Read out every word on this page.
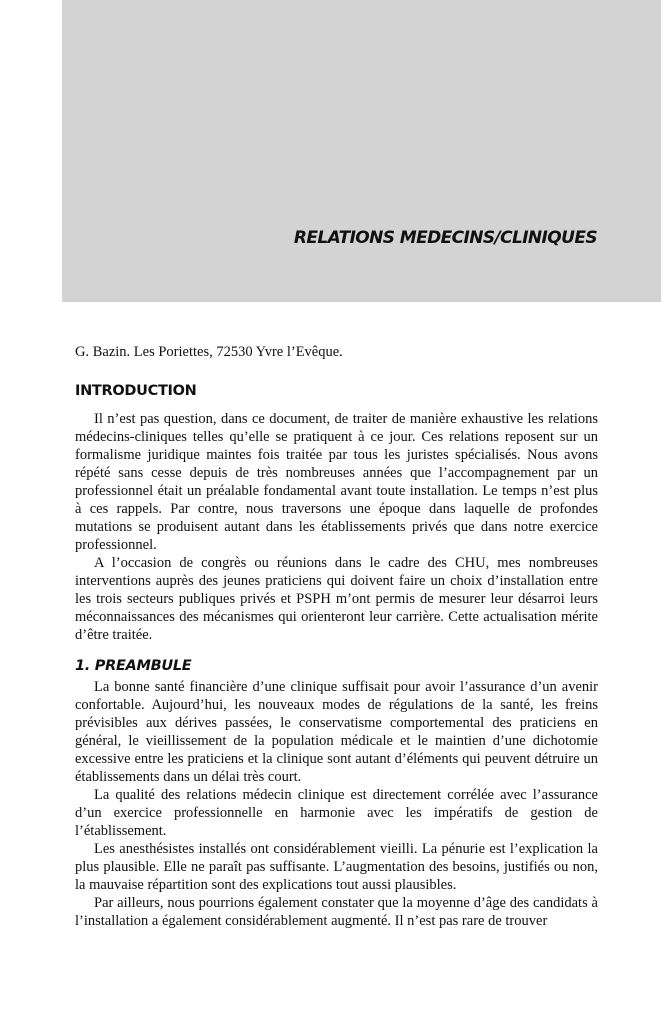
RELATIONS MEDECINS/CLINIQUES

G. Bazin. Les Poriettes, 72530 Yvre l’Evêque.

INTRODUCTION

Il n’est pas question, dans ce document, de traiter de manière exhaustive les relations médecins-cliniques telles qu’elle se pratiquent à ce jour. Ces relations reposent sur un formalisme juridique maintes fois traitée par tous les juristes spécialisés. Nous avons répété sans cesse depuis de très nombreuses années que l’accompagnement par un professionnel était un préalable fondamental avant toute installation. Le temps n’est plus à ces rappels. Par contre, nous traversons une époque dans laquelle de profondes mutations se produisent autant dans les établissements privés que dans notre exercice professionnel.

A l’occasion de congrès ou réunions dans le cadre des CHU, mes nombreuses interventions auprès des jeunes praticiens qui doivent faire un choix d’installation entre les trois secteurs publiques privés et PSPH m’ont permis de mesurer leur désarroi leurs méconnaissances des mécanismes qui orienteront leur carrière. Cette actualisation mérite d’être traitée.

1. PREAMBULE

La bonne santé financière d’une clinique suffisait pour avoir l’assurance d’un avenir confortable. Aujourd’hui, les nouveaux modes de régulations de la santé, les freins prévisibles aux dérives passées, le conservatisme comportemental des praticiens en général, le vieillissement de la population médicale et le maintien d’une dichotomie excessive entre les praticiens et la clinique sont autant d’éléments qui peuvent détruire un établissements dans un délai très court.

La qualité des relations médecin clinique est directement corrélée avec l’assurance d’un exercice professionnelle en harmonie avec les impératifs de gestion de l’établissement.

Les anesthésistes installés ont considérablement vieilli. La pénurie est l’explication la plus plausible. Elle ne paraît pas suffisante. L’augmentation des besoins, justifiés ou non, la mauvaise répartition sont des explications tout aussi plausibles.

Par ailleurs, nous pourrions également constater que la moyenne d’âge des candidats à l’installation a également considérablement augmenté. Il n’est pas rare de trouver
